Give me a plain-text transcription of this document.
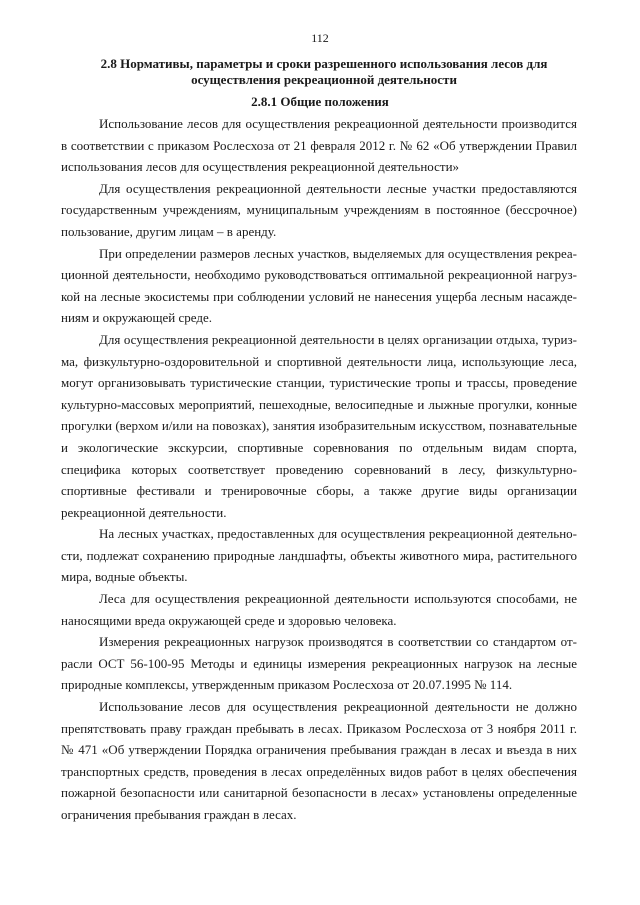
112
2.8 Нормативы, параметры и сроки разрешенного использования лесов для осуществления рекреационной деятельности
2.8.1 Общие положения

Использование лесов для осуществления рекреационной деятельности производится в соответствии с приказом Рослесхоза от 21 февраля 2012 г. № 62 «Об утверждении Правил использования лесов для осуществления рекреационной деятельности»

Для осуществления рекреационной деятельности лесные участки предоставляются государственным учреждениям, муниципальным учреждениям в постоянное (бессрочное) пользование, другим лицам – в аренду.

При определении размеров лесных участков, выделяемых для осуществления рекреационной деятельности, необходимо руководствоваться оптимальной рекреационной нагрузкой на лесные экосистемы при соблюдении условий не нанесения ущерба лесным насаждениям и окружающей среде.

Для осуществления рекреационной деятельности в целях организации отдыха, туризма, физкультурно-оздоровительной и спортивной деятельности лица, использующие леса, могут организовывать туристические станции, туристические тропы и трассы, проведение культурно-массовых мероприятий, пешеходные, велосипедные и лыжные прогулки, конные прогулки (верхом и/или на повозках), занятия изобразительным искусством, познавательные и экологические экскурсии, спортивные соревнования по отдельным видам спорта, специфика которых соответствует проведению соревнований в лесу, физкультурно-спортивные фестивали и тренировочные сборы, а также другие виды организации рекреационной деятельности.

На лесных участках, предоставленных для осуществления рекреационной деятельности, подлежат сохранению природные ландшафты, объекты животного мира, растительного мира, водные объекты.

Леса для осуществления рекреационной деятельности используются способами, не наносящими вреда окружающей среде и здоровью человека.

Измерения рекреационных нагрузок производятся в соответствии со стандартом отрасли ОСТ 56-100-95 Методы и единицы измерения рекреационных нагрузок на лесные природные комплексы, утвержденным приказом Рослесхоза от 20.07.1995 № 114.

Использование лесов для осуществления рекреационной деятельности не должно препятствовать праву граждан пребывать в лесах. Приказом Рослесхоза от 3 ноября 2011 г. № 471 «Об утверждении Порядка ограничения пребывания граждан в лесах и въезда в них транспортных средств, проведения в лесах определённых видов работ в целях обеспечения пожарной безопасности или санитарной безопасности в лесах» установлены определенные ограничения пребывания граждан в лесах.
